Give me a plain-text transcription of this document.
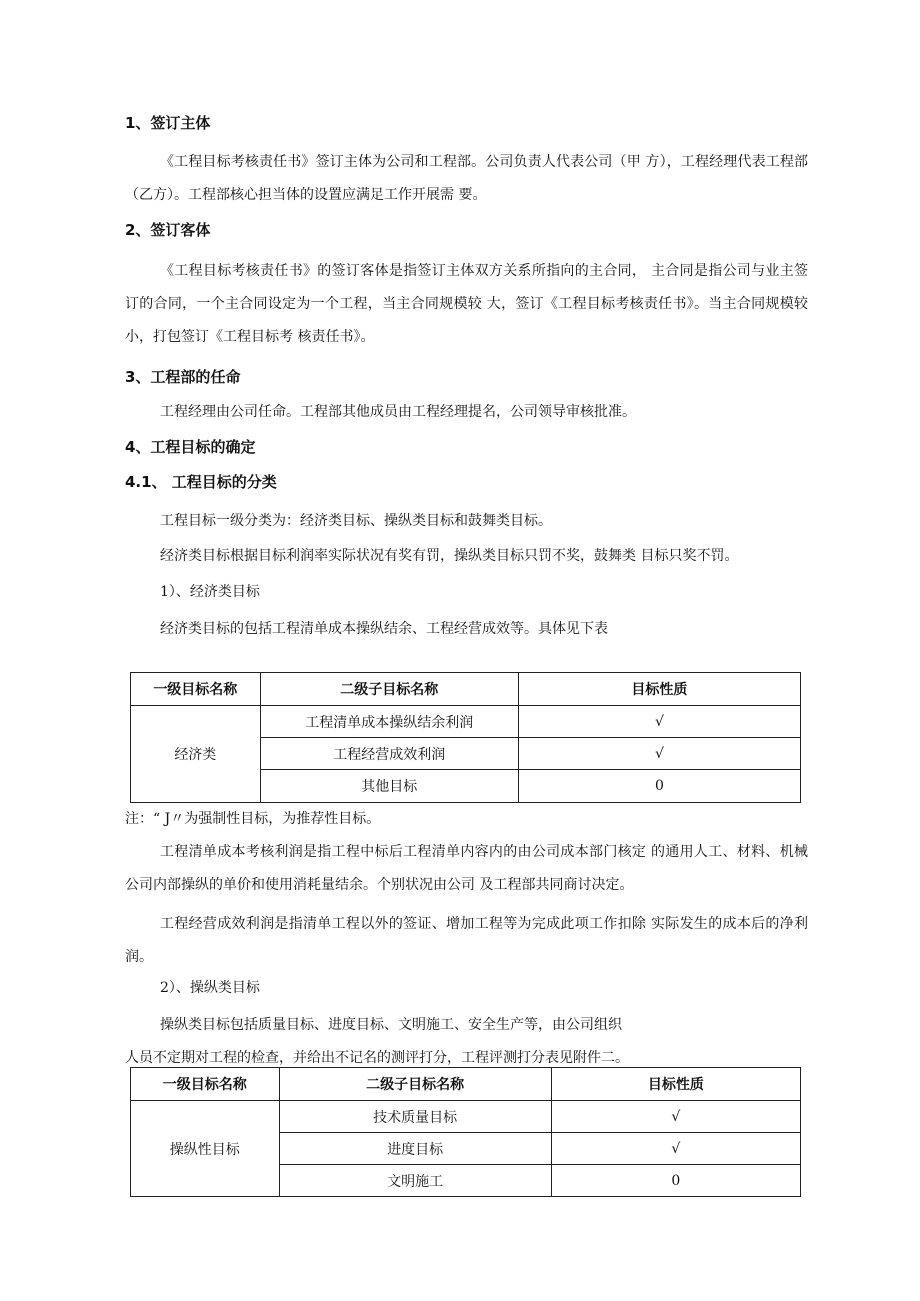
1、签订主体
《工程目标考核责任书》签订主体为公司和工程部。公司负责人代表公司（甲 方），工程经理代表工程部（乙方）。工程部核心担当体的设置应满足工作开展需 要。
2、签订客体
《工程目标考核责任书》的签订客体是指签订主体双方关系所指向的主合同， 主合同是指公司与业主签订的合同，一个主合同设定为一个工程，当主合同规模较 大，签订《工程目标考核责任书》。当主合同规模较小，打包签订《工程目标考 核责任书》。
3、工程部的任命
工程经理由公司任命。工程部其他成员由工程经理提名，公司领导审核批准。
4、工程目标的确定
4.1、 工程目标的分类
工程目标一级分类为：经济类目标、操纵类目标和鼓舞类目标。
经济类目标根据目标利润率实际状况有奖有罚，操纵类目标只罚不奖，鼓舞类 目标只奖不罚。
1）、经济类目标
经济类目标的包括工程清单成本操纵结余、工程经营成效等。具体见下表
一级目标名称	二级子目标名称	目标性质
经济类	工程清单成本操纵结余利润	√
	工程经营成效利润	√
	其他目标	0
注：“ J〃为强制性目标，为推荐性目标。
工程清单成本考核利润是指工程中标后工程清单内容内的由公司成本部门核定 的通用人工、材料、机械公司内部操纵的单价和使用消耗量结余。个别状况由公司 及工程部共同商讨决定。
工程经营成效利润是指清单工程以外的签证、增加工程等为完成此项工作扣除 实际发生的成本后的净利润。
2）、操纵类目标
操纵类目标包括质量目标、进度目标、文明施工、安全生产等，由公司组织
人员不定期对工程的检查，并给出不记名的测评打分，工程评测打分表见附件二。
一级目标名称	二级子目标名称	目标性质
操纵性目标	技术质量目标	√
	进度目标	√
	文明施工	0
